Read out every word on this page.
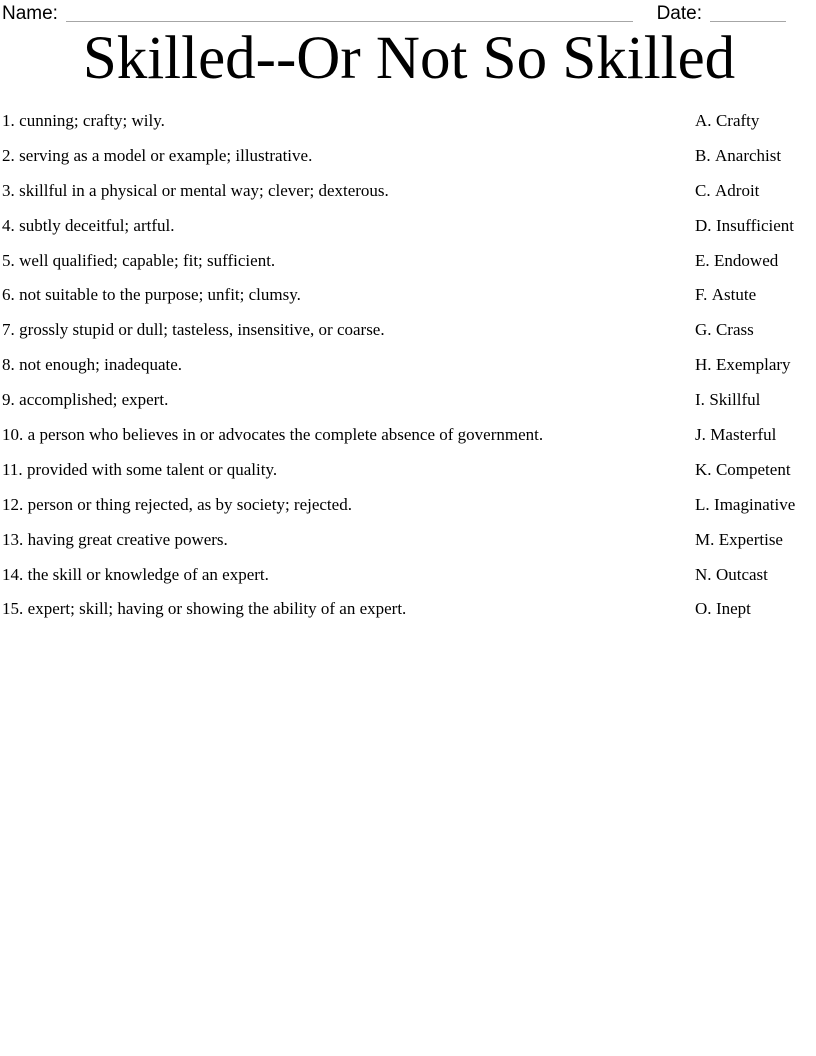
Name:	Date:
Skilled--Or Not So Skilled
1. cunning; crafty; wily.	A. Crafty
2. serving as a model or example; illustrative.	B. Anarchist
3. skillful in a physical or mental way; clever; dexterous.	C. Adroit
4. subtly deceitful; artful.	D. Insufficient
5. well qualified; capable; fit; sufficient.	E. Endowed
6. not suitable to the purpose; unfit; clumsy.	F. Astute
7. grossly stupid or dull; tasteless, insensitive, or coarse.	G. Crass
8. not enough; inadequate.	H. Exemplary
9. accomplished; expert.	I. Skillful
10. a person who believes in or advocates the complete absence of government.	J. Masterful
11. provided with some talent or quality.	K. Competent
12. person or thing rejected, as by society; rejected.	L. Imaginative
13. having great creative powers.	M. Expertise
14. the skill or knowledge of an expert.	N. Outcast
15. expert; skill; having or showing the ability of an expert.	O. Inept
